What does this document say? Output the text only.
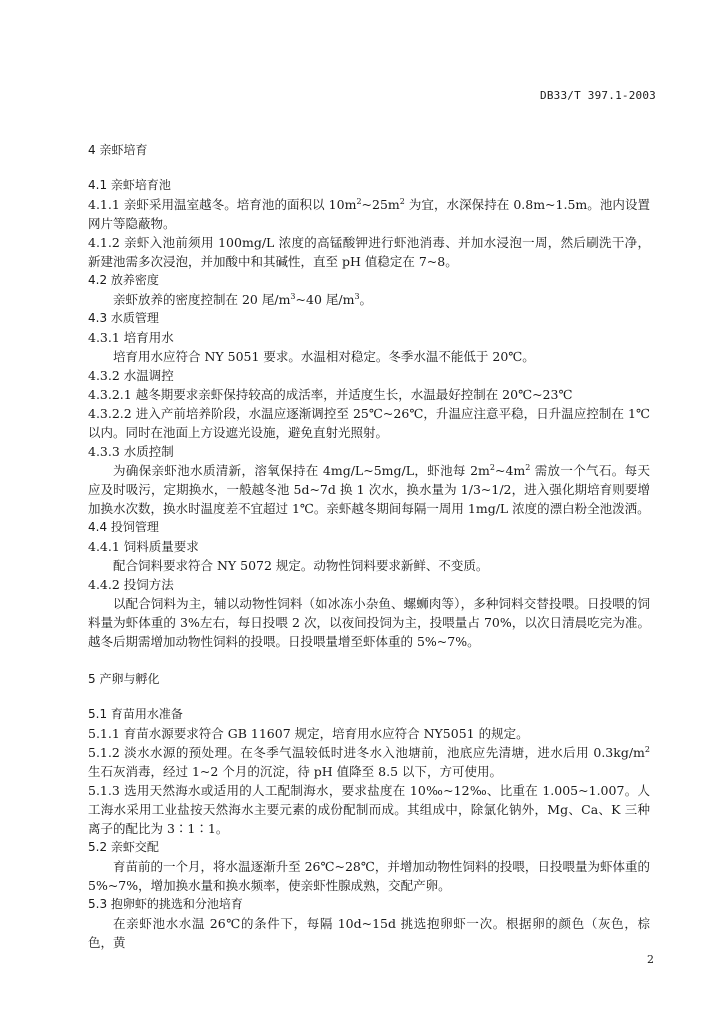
DB33/T 397.1-2003

4 亲虾培育

4.1 亲虾培育池

4.1.1 亲虾采用温室越冬。培育池的面积以 $10m^2\sim 25m^2$ 为宜，水深保持在 0.8m~1.5m。池内设置网片等隐蔽物。

4.1.2 亲虾入池前须用 100mg/L 浓度的高锰酸钾进行虾池消毒、并加水浸泡一周，然后刷洗干净，新建池需多次浸泡，并加酸中和其碱性，直至 pH 值稳定在 7~8。

4.2 放养密度

亲虾放养的密度控制在 20 尾$/m^3\sim 40$ 尾$/m^3$。

4.3 水质管理

4.3.1 培育用水

培育用水应符合 NY 5051 要求。水温相对稳定。冬季水温不能低于 20℃。

4.3.2 水温调控

4.3.2.1 越冬期要求亲虾保持较高的成活率，并适度生长，水温最好控制在 20℃~23℃

4.3.2.2 进入产前培养阶段，水温应逐渐调控至 25℃~26℃，升温应注意平稳，日升温应控制在 1℃以内。同时在池面上方设遮光设施，避免直射光照射。

4.3.3 水质控制

为确保亲虾池水质清新，溶氧保持在 4mg/L~5mg/L，虾池每 $2m^2\sim 4m^2$ 需放一个气石。每天应及时吸污，定期换水，一般越冬池 5d~7d 换 1 次水，换水量为 1/3~1/2，进入强化期培育则要增加换水次数，换水时温度差不宜超过 1℃。亲虾越冬期间每隔一周用 1mg/L 浓度的漂白粉全池泼洒。

4.4 投饲管理

4.4.1 饲料质量要求

配合饲料要求符合 NY 5072 规定。动物性饲料要求新鲜、不变质。

4.4.2 投饲方法

以配合饲料为主，辅以动物性饲料（如冰冻小杂鱼、螺蛳肉等），多种饲料交替投喂。日投喂的饲料量为虾体重的 3%左右，每日投喂 2 次，以夜间投饲为主，投喂量占 70%，以次日清晨吃完为准。越冬后期需增加动物性饲料的投喂。日投喂量增至虾体重的 5%~7%。

5 产卵与孵化

5.1 育苗用水准备

5.1.1 育苗水源要求符合 GB 11607 规定，培育用水应符合 NY5051 的规定。

5.1.2 淡水水源的预处理。在冬季气温较低时进冬水入池塘前，池底应先清塘，进水后用 $0.3kg/m^2$ 生石灰消毒，经过 1~2 个月的沉淀，待 pH 值降至 8.5 以下，方可使用。

5.1.3 选用天然海水或适用的人工配制海水，要求盐度在 10‰~12‰、比重在 1.005~1.007。人工海水采用工业盐按天然海水主要元素的成份配制而成。其组成中，除氯化钠外，Mg、Ca、K 三种离子的配比为 3∶1∶1。

5.2 亲虾交配

育苗前的一个月，将水温逐渐升至 26℃~28℃，并增加动物性饲料的投喂，日投喂量为虾体重的 5%~7%，增加换水量和换水频率，使亲虾性腺成熟，交配产卵。

5.3 抱卵虾的挑选和分池培育

在亲虾池水水温 26℃的条件下，每隔 10d~15d 挑选抱卵虾一次。根据卵的颜色（灰色，棕色，黄

2
